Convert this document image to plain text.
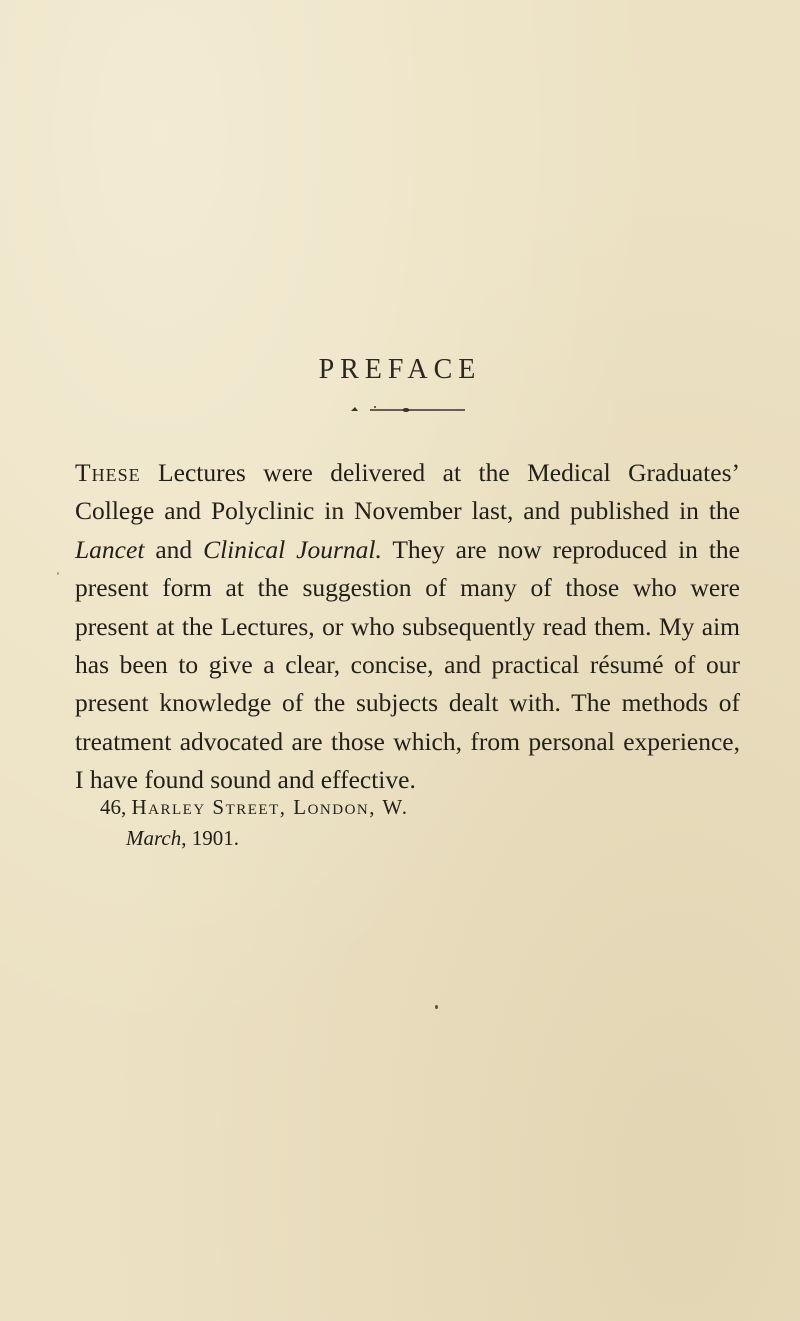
PREFACE
These Lectures were delivered at the Medical Graduates’ College and Polyclinic in November last, and published in the Lancet and Clinical Journal. They are now reproduced in the present form at the suggestion of many of those who were present at the Lectures, or who subsequently read them. My aim has been to give a clear, concise, and practical résumé of our present knowledge of the subjects dealt with. The methods of treatment advocated are those which, from personal experience, I have found sound and effective.
46, Harley Street, London, W.
March, 1901.
